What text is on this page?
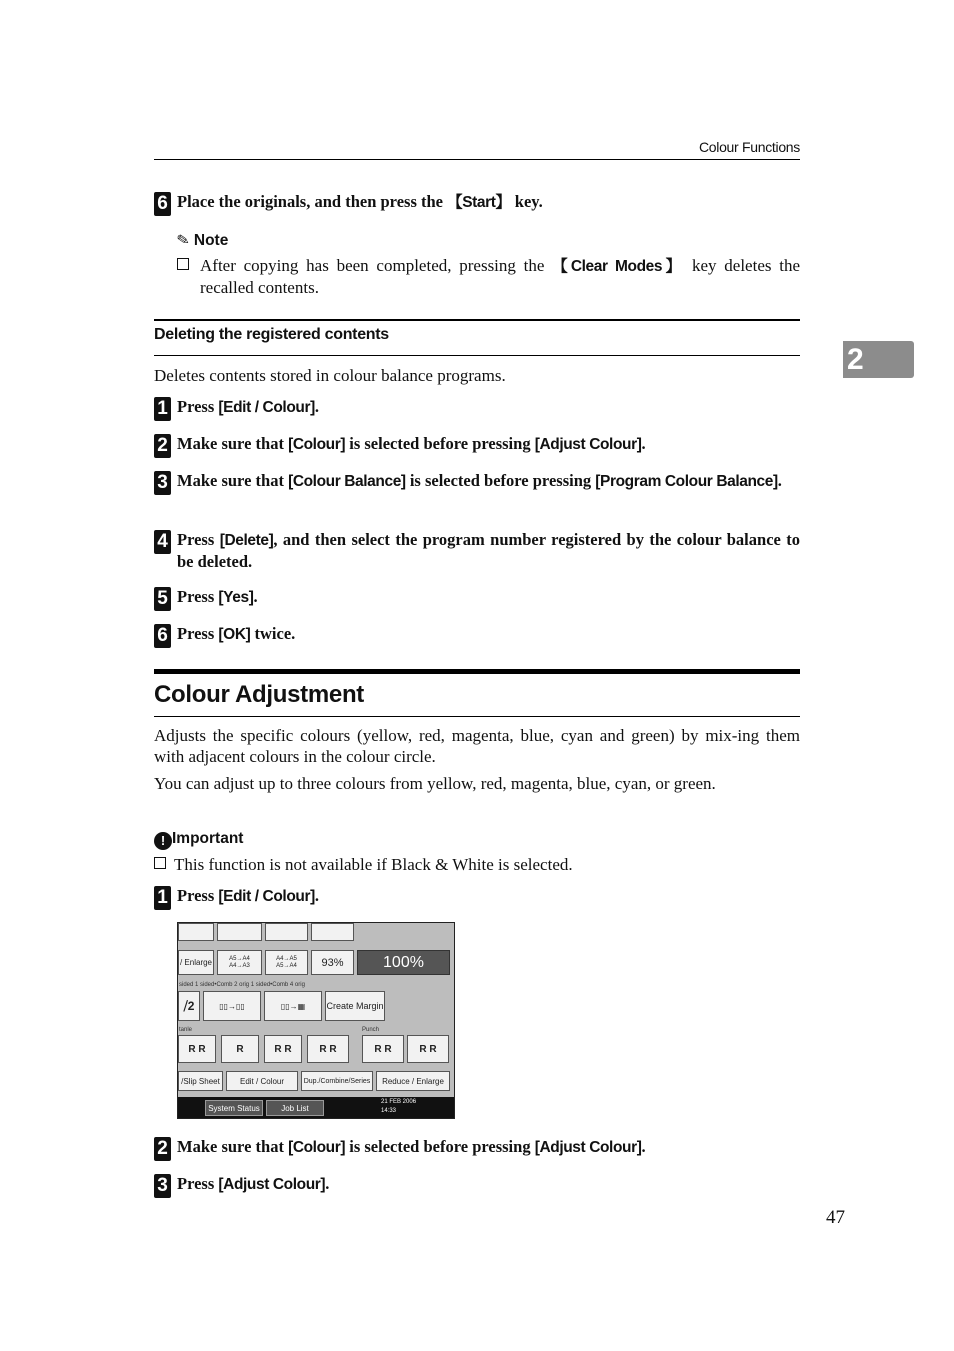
Colour Functions
2
6 Place the originals, and then press the 【Start】 key.
✎ Note
After copying has been completed, pressing the 【Clear Modes】 key deletes the recalled contents.
Deleting the registered contents
Deletes contents stored in colour balance programs.
1 Press [Edit / Colour].
2 Make sure that [Colour] is selected before pressing [Adjust Colour].
3 Make sure that [Colour Balance] is selected before pressing [Program Colour Balance].
4 Press [Delete], and then select the program number registered by the colour balance to be deleted.
5 Press [Yes].
6 Press [OK] twice.
Colour Adjustment
Adjusts the specific colours (yellow, red, magenta, blue, cyan and green) by mix-ing them with adjacent colours in the colour circle.
You can adjust up to three colours from yellow, red, magenta, blue, cyan, or green.
! Important
This function is not available if Black & White is selected.
1 Press [Edit / Colour].
2 Make sure that [Colour] is selected before pressing [Adjust Colour].
3 Press [Adjust Colour].
/ Enlarge	A5→A4
A4→A3
A4→A5
A5→A4	93%	100%
sided 1 sided•Comb 2 orig 1 sided•Comb 4 orig
⧸2	▯▯→▯▯	▯▯→▦ Create Margin
tanle	Punch
R R	R	R R	R R	R R	R R
/Slip Sheet	Edit / Colour	Dup./Combine/Series	Reduce / Enlarge
System Status	Job List
21 FEB 2006
14:33
47
